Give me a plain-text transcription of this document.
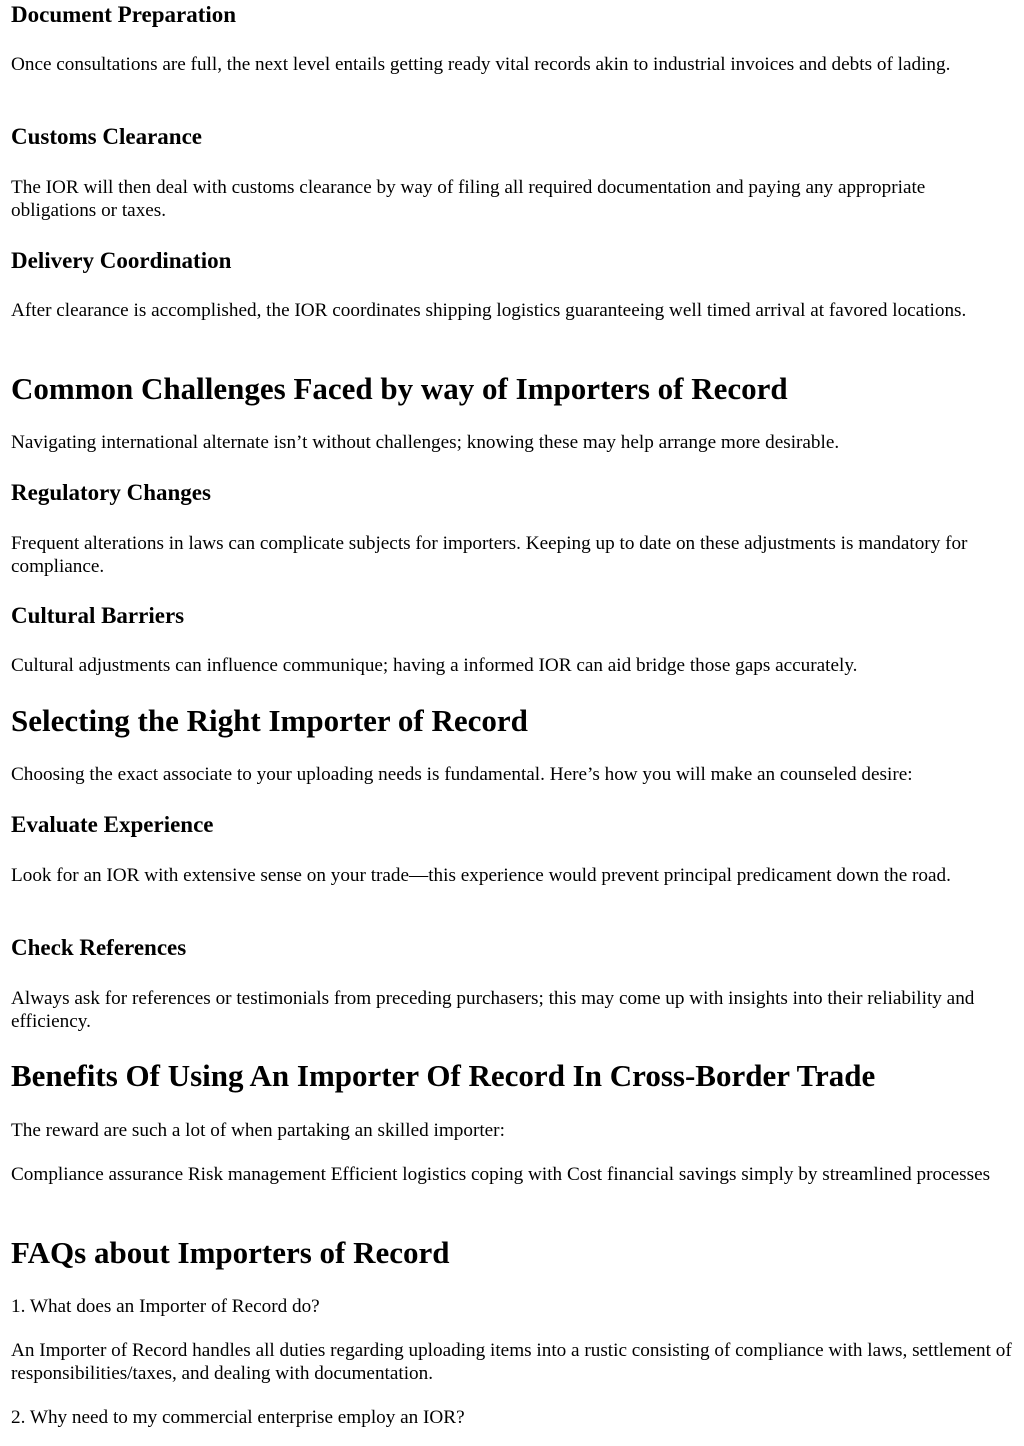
Document Preparation

Once consultations are full, the next level entails getting ready vital records akin to industrial invoices and debts of lading.

Customs Clearance

The IOR will then deal with customs clearance by way of filing all required documentation and paying any appropriate obligations or taxes.

Delivery Coordination

After clearance is accomplished, the IOR coordinates shipping logistics guaranteeing well timed arrival at favored locations.

Common Challenges Faced by way of Importers of Record

Navigating international alternate isn’t without challenges; knowing these may help arrange more desirable.

Regulatory Changes

Frequent alterations in laws can complicate subjects for importers. Keeping up to date on these adjustments is mandatory for compliance.

Cultural Barriers

Cultural adjustments can influence communique; having a informed IOR can aid bridge those gaps accurately.

Selecting the Right Importer of Record

Choosing the exact associate to your uploading needs is fundamental. Here’s how you will make an counseled desire:

Evaluate Experience

Look for an IOR with extensive sense on your trade—this experience would prevent principal predicament down the road.

Check References

Always ask for references or testimonials from preceding purchasers; this may come up with insights into their reliability and efficiency.

Benefits Of Using An Importer Of Record In Cross-Border Trade

The reward are such a lot of when partaking an skilled importer:

Compliance assurance Risk management Efficient logistics coping with Cost financial savings simply by streamlined processes

FAQs about Importers of Record

1. What does an Importer of Record do?

An Importer of Record handles all duties regarding uploading items into a rustic consisting of compliance with laws, settlement of responsibilities/taxes, and dealing with documentation.

2. Why need to my commercial enterprise employ an IOR?
